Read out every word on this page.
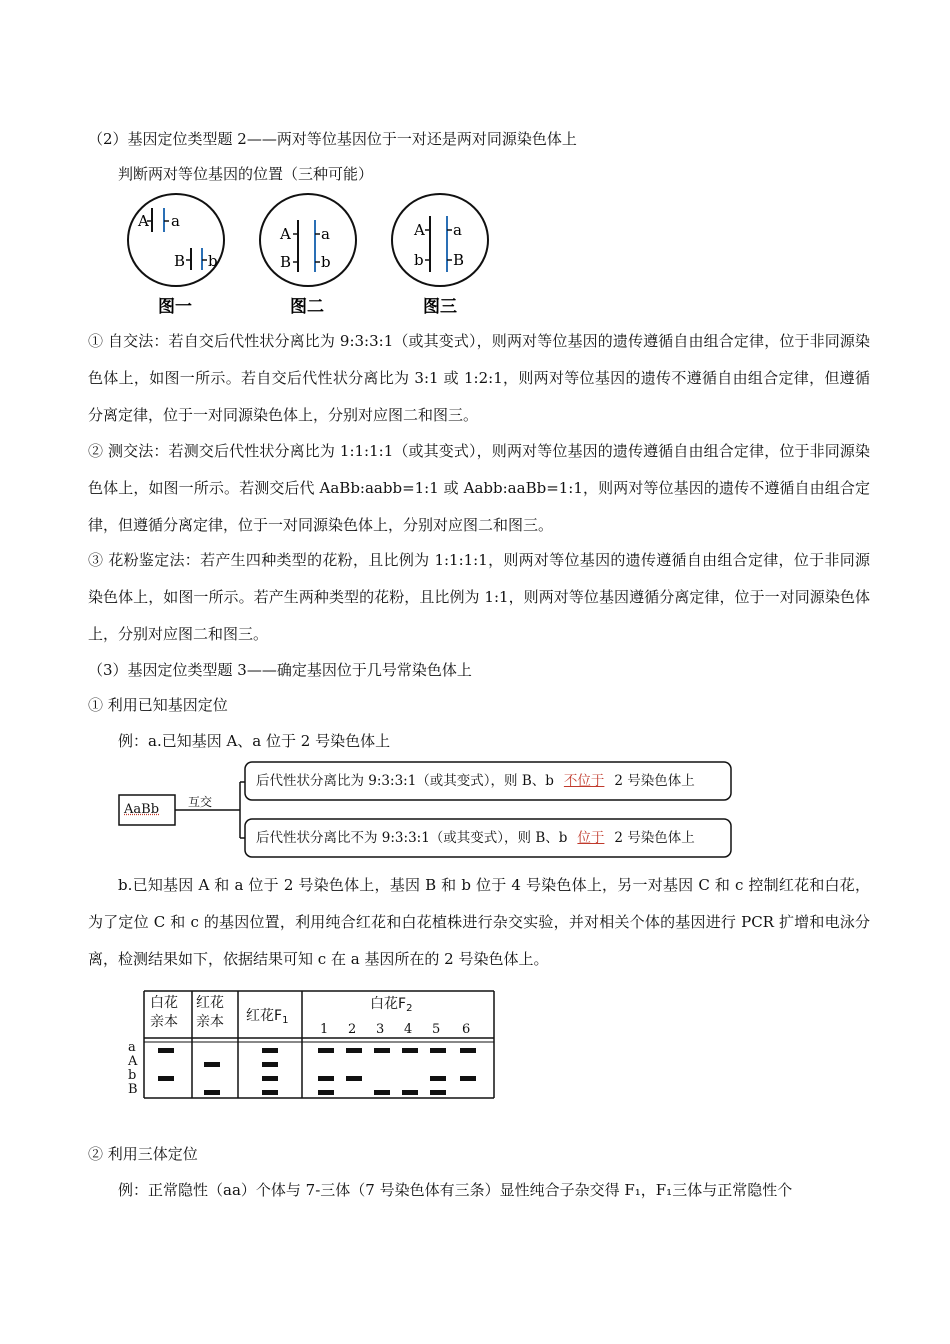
（2）基因定位类型题 2——两对等位基因位于一对还是两对同源染色体上
判断两对等位基因的位置（三种可能）
A a
B b
图一
A a
B b
图二
A a
b B
图三
① 自交法：若自交后代性状分离比为 9:3:3:1（或其变式），则两对等位基因的遗传遵循自由组合定律，位于非同源染色体上，如图一所示。若自交后代性状分离比为 3:1 或 1:2:1，则两对等位基因的遗传不遵循自由组合定律，但遵循分离定律，位于一对同源染色体上，分别对应图二和图三。
② 测交法：若测交后代性状分离比为 1:1:1:1（或其变式），则两对等位基因的遗传遵循自由组合定律，位于非同源染色体上，如图一所示。若测交后代 AaBb:aabb=1:1 或 Aabb:aaBb=1:1，则两对等位基因的遗传不遵循自由组合定律，但遵循分离定律，位于一对同源染色体上，分别对应图二和图三。
③ 花粉鉴定法：若产生四种类型的花粉，且比例为 1:1:1:1，则两对等位基因的遗传遵循自由组合定律，位于非同源染色体上，如图一所示。若产生两种类型的花粉，且比例为 1:1，则两对等位基因遵循分离定律，位于一对同源染色体上，分别对应图二和图三。
（3）基因定位类型题 3——确定基因位于几号常染色体上
① 利用已知基因定位
例：a.已知基因 A、a 位于 2 号染色体上
AaBb 互交
后代性状分离比为 9:3:3:1（或其变式），则 B、b 不位于 2 号染色体上
后代性状分离比不为 9:3:3:1（或其变式），则 B、b 位于 2 号染色体上
b.已知基因 A 和 a 位于 2 号染色体上，基因 B 和 b 位于 4 号染色体上，另一对基因 C 和 c 控制红花和白花，为了定位 C 和 c 的基因位置，利用纯合红花和白花植株进行杂交实验，并对相关个体的基因进行 PCR 扩增和电泳分离，检测结果如下，依据结果可知 c 在 a 基因所在的 2 号染色体上。
白花亲本
红花亲本	红花$F_1$
白花$F_2$
1 2 3 4 5 6
a
A
b
B
② 利用三体定位
例：正常隐性（aa）个体与 7-三体（7 号染色体有三条）显性纯合子杂交得 F₁，F₁三体与正常隐性个
